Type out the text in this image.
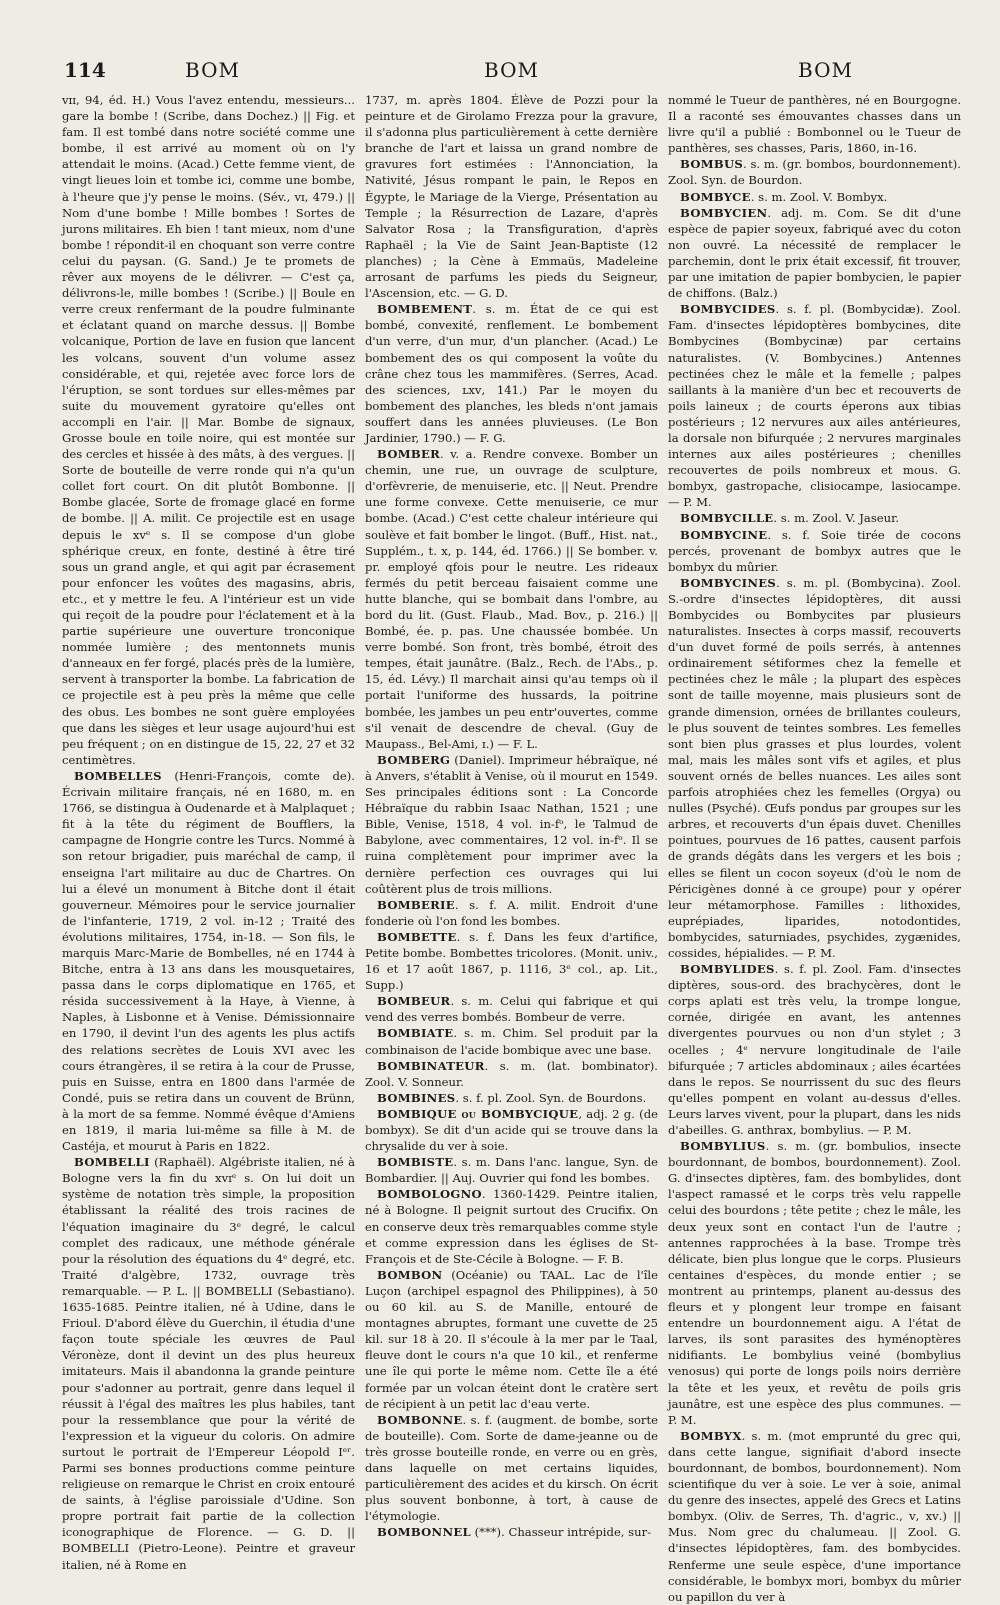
114	BOM	BOM	BOM

vɪɪ, 94, éd. H.) Vous l'avez entendu, messieurs... gare la bombe ! (Scribe, dans Dochez.) || Fig. et fam. Il est tombé dans notre société comme une bombe, il est arrivé au moment où on l'y attendait le moins. (Acad.) Cette femme vient, de vingt lieues loin et tombe ici, comme une bombe, à l'heure que j'y pense le moins. (Sév., ᴠɪ, 479.) || Nom d'une bombe ! Mille bombes ! Sortes de jurons militaires. Eh bien ! tant mieux, nom d'une bombe ! répondit-il en choquant son verre contre celui du paysan. (G. Sand.) Je te promets de rêver aux moyens de le délivrer. — C'est ça, délivrons-le, mille bombes ! (Scribe.) || Boule en verre creux renfermant de la poudre fulminante et éclatant quand on marche dessus. || Bombe volcanique, Portion de lave en fusion que lancent les volcans, souvent d'un volume assez considérable, et qui, rejetée avec force lors de l'éruption, se sont tordues sur elles-mêmes par suite du mouvement gyratoire qu'elles ont accompli en l'air. || Mar. Bombe de signaux, Grosse boule en toile noire, qui est montée sur des cercles et hissée à des mâts, à des vergues. || Sorte de bouteille de verre ronde qui n'a qu'un collet fort court. On dit plutôt Bombonne. || Bombe glacée, Sorte de fromage glacé en forme de bombe. || A. milit. Ce projectile est en usage depuis le xvᵉ s. Il se compose d'un globe sphérique creux, en fonte, destiné à être tiré sous un grand angle, et qui agit par écrasement pour enfoncer les voûtes des magasins, abris, etc., et y mettre le feu. A l'intérieur est un vide qui reçoit de la poudre pour l'éclatement et à la partie supérieure une ouverture tronconique nommée lumière ; des mentonnets munis d'anneaux en fer forgé, placés près de la lumière, servent à transporter la bombe. La fabrication de ce projectile est à peu près la même que celle des obus. Les bombes ne sont guère employées que dans les sièges et leur usage aujourd'hui est peu fréquent ; on en distingue de 15, 22, 27 et 32 centimètres.

BOMBELLES (Henri-François, comte de). Écrivain militaire français, né en 1680, m. en 1766, se distingua à Oudenarde et à Malplaquet ; fit à la tête du régiment de Boufflers, la campagne de Hongrie contre les Turcs. Nommé à son retour brigadier, puis maréchal de camp, il enseigna l'art militaire au duc de Chartres. On lui a élevé un monument à Bitche dont il était gouverneur. Mémoires pour le service journalier de l'infanterie, 1719, 2 vol. in-12 ; Traité des évolutions militaires, 1754, in-18. — Son fils, le marquis Marc-Marie de Bombelles, né en 1744 à Bitche, entra à 13 ans dans les mousquetaires, passa dans le corps diplomatique en 1765, et résida successivement à la Haye, à Vienne, à Naples, à Lisbonne et à Venise. Démissionnaire en 1790, il devint l'un des agents les plus actifs des relations secrètes de Louis XVI avec les cours étrangères, il se retira à la cour de Prusse, puis en Suisse, entra en 1800 dans l'armée de Condé, puis se retira dans un couvent de Brünn, à la mort de sa femme. Nommé évêque d'Amiens en 1819, il maria lui-même sa fille à M. de Castéja, et mourut à Paris en 1822.

BOMBELLI (Raphaël). Algébriste italien, né à Bologne vers la fin du xvɪᵉ s. On lui doit un système de notation très simple, la proposition établissant la réalité des trois racines de l'équation imaginaire du 3ᵉ degré, le calcul complet des radicaux, une méthode générale pour la résolution des équations du 4ᵉ degré, etc. Traité d'algèbre, 1732, ouvrage très remarquable. — P. L. || BOMBELLI (Sebastiano). 1635-1685. Peintre italien, né à Udine, dans le Frioul. D'abord élève du Guerchin, il étudia d'une façon toute spéciale les œuvres de Paul Véronèze, dont il devint un des plus heureux imitateurs. Mais il abandonna la grande peinture pour s'adonner au portrait, genre dans lequel il réussit à l'égal des maîtres les plus habiles, tant pour la ressemblance que pour la vérité de l'expression et la vigueur du coloris. On admire surtout le portrait de l'Empereur Léopold Iᵉʳ. Parmi ses bonnes productions comme peinture religieuse on remarque le Christ en croix entouré de saints, à l'église paroissiale d'Udine. Son propre portrait fait partie de la collection iconographique de Florence. — G. D. || BOMBELLI (Pietro-Leone). Peintre et graveur italien, né à Rome en

1737, m. après 1804. Élève de Pozzi pour la peinture et de Girolamo Frezza pour la gravure, il s'adonna plus particulièrement à cette dernière branche de l'art et laissa un grand nombre de gravures fort estimées : l'Annonciation, la Nativité, Jésus rompant le pain, le Repos en Égypte, le Mariage de la Vierge, Présentation au Temple ; la Résurrection de Lazare, d'après Salvator Rosa ; la Transfiguration, d'après Raphaël ; la Vie de Saint Jean-Baptiste (12 planches) ; la Cène à Emmaüs, Madeleine arrosant de parfums les pieds du Seigneur, l'Ascension, etc. — G. D.

BOMBEMENT. s. m. État de ce qui est bombé, convexité, renflement. Le bombement d'un verre, d'un mur, d'un plancher. (Acad.) Le bombement des os qui composent la voûte du crâne chez tous les mammifères. (Serres, Acad. des sciences, ʟxᴠ, 141.) Par le moyen du bombement des planches, les bleds n'ont jamais souffert dans les années pluvieuses. (Le Bon Jardinier, 1790.) — F. G.

BOMBER. v. a. Rendre convexe. Bomber un chemin, une rue, un ouvrage de sculpture, d'orfèvrerie, de menuiserie, etc. || Neut. Prendre une forme convexe. Cette menuiserie, ce mur bombe. (Acad.) C'est cette chaleur intérieure qui soulève et fait bomber le lingot. (Buff., Hist. nat., Supplém., t. x, p. 144, éd. 1766.) || Se bomber. v. pr. employé qfois pour le neutre. Les rideaux fermés du petit berceau faisaient comme une hutte blanche, qui se bombait dans l'ombre, au bord du lit. (Gust. Flaub., Mad. Bov., p. 216.) || Bombé, ée. p. pas. Une chaussée bombée. Un verre bombé. Son front, très bombé, étroit des tempes, était jaunâtre. (Balz., Rech. de l'Abs., p. 15, éd. Lévy.) Il marchait ainsi qu'au temps où il portait l'uniforme des hussards, la poitrine bombée, les jambes un peu entr'ouvertes, comme s'il venait de descendre de cheval. (Guy de Maupass., Bel-Ami, ɪ.) — F. L.

BOMBERG (Daniel). Imprimeur hébraïque, né à Anvers, s'établit à Venise, où il mourut en 1549. Ses principales éditions sont : La Concorde Hébraïque du rabbin Isaac Nathan, 1521 ; une Bible, Venise, 1518, 4 vol. in-fᵒ, le Talmud de Babylone, avec commentaires, 12 vol. in-fᵒ. Il se ruina complètement pour imprimer avec la dernière perfection ces ouvrages qui lui coûtèrent plus de trois millions.

BOMBERIE. s. f. A. milit. Endroit d'une fonderie où l'on fond les bombes.

BOMBETTE. s. f. Dans les feux d'artifice, Petite bombe. Bombettes tricolores. (Monit. univ., 16 et 17 août 1867, p. 1116, 3ᵉ col., ap. Lit., Supp.)

BOMBEUR. s. m. Celui qui fabrique et qui vend des verres bombés. Bombeur de verre.

BOMBIATE. s. m. Chim. Sel produit par la combinaison de l'acide bombique avec une base.

BOMBINATEUR. s. m. (lat. bombinator). Zool. V. Sonneur.

BOMBINES. s. f. pl. Zool. Syn. de Bourdons.

BOMBIQUE ou BOMBYCIQUE, adj. 2 g. (de bombyx). Se dit d'un acide qui se trouve dans la chrysalide du ver à soie.

BOMBISTE. s. m. Dans l'anc. langue, Syn. de Bombardier. || Auj. Ouvrier qui fond les bombes.

BOMBOLOGNO. 1360-1429. Peintre italien, né à Bologne. Il peignit surtout des Crucifix. On en conserve deux très remarquables comme style et comme expression dans les églises de St-François et de Ste-Cécile à Bologne. — F. B.

BOMBON (Océanie) ou TAAL. Lac de l'île Luçon (archipel espagnol des Philippines), à 50 ou 60 kil. au S. de Manille, entouré de montagnes abruptes, formant une cuvette de 25 kil. sur 18 à 20. Il s'écoule à la mer par le Taal, fleuve dont le cours n'a que 10 kil., et renferme une île qui porte le même nom. Cette île a été formée par un volcan éteint dont le cratère sert de récipient à un petit lac d'eau verte.

BOMBONNE. s. f. (augment. de bombe, sorte de bouteille). Com. Sorte de dame-jeanne ou de très grosse bouteille ronde, en verre ou en grès, dans laquelle on met certains liquides, particulièrement des acides et du kirsch. On écrit plus souvent bonbonne, à tort, à cause de l'étymologie.

BOMBONNEL (***). Chasseur intrépide, sur-

nommé le Tueur de panthères, né en Bourgogne. Il a raconté ses émouvantes chasses dans un livre qu'il a publié : Bombonnel ou le Tueur de panthères, ses chasses, Paris, 1860, in-16.

BOMBUS. s. m. (gr. bombos, bourdonnement). Zool. Syn. de Bourdon.

BOMBYCE. s. m. Zool. V. Bombyx.

BOMBYCIEN. adj. m. Com. Se dit d'une espèce de papier soyeux, fabriqué avec du coton non ouvré. La nécessité de remplacer le parchemin, dont le prix était excessif, fit trouver, par une imitation de papier bombycien, le papier de chiffons. (Balz.)

BOMBYCIDES. s. f. pl. (Bombycidæ). Zool. Fam. d'insectes lépidoptères bombycines, dite Bombycines (Bombycinæ) par certains naturalistes. (V. Bombycines.) Antennes pectinées chez le mâle et la femelle ; palpes saillants à la manière d'un bec et recouverts de poils laineux ; de courts éperons aux tibias postérieurs ; 12 nervures aux ailes antérieures, la dorsale non bifurquée ; 2 nervures marginales internes aux ailes postérieures ; chenilles recouvertes de poils nombreux et mous. G. bombyx, gastropache, clisiocampe, lasiocampe. — P. M.

BOMBYCILLE. s. m. Zool. V. Jaseur.

BOMBYCINE. s. f. Soie tirée de cocons percés, provenant de bombyx autres que le bombyx du mûrier.

BOMBYCINES. s. m. pl. (Bombycina). Zool. S.-ordre d'insectes lépidoptères, dit aussi Bombycides ou Bombycites par plusieurs naturalistes. Insectes à corps massif, recouverts d'un duvet formé de poils serrés, à antennes ordinairement sétiformes chez la femelle et pectinées chez le mâle ; la plupart des espèces sont de taille moyenne, mais plusieurs sont de grande dimension, ornées de brillantes couleurs, le plus souvent de teintes sombres. Les femelles sont bien plus grasses et plus lourdes, volent mal, mais les mâles sont vifs et agiles, et plus souvent ornés de belles nuances. Les ailes sont parfois atrophiées chez les femelles (Orgya) ou nulles (Psyché). Œufs pondus par groupes sur les arbres, et recouverts d'un épais duvet. Chenilles pointues, pourvues de 16 pattes, causent parfois de grands dégâts dans les vergers et les bois ; elles se filent un cocon soyeux (d'où le nom de Péricigènes donné à ce groupe) pour y opérer leur métamorphose. Familles : lithoxides, euprépiades, liparides, notodontides, bombycides, saturniades, psychides, zygænides, cossides, hépialides. — P. M.

BOMBYLIDES. s. f. pl. Zool. Fam. d'insectes diptères, sous-ord. des brachycères, dont le corps aplati est très velu, la trompe longue, cornée, dirigée en avant, les antennes divergentes pourvues ou non d'un stylet ; 3 ocelles ; 4ᵉ nervure longitudinale de l'aile bifurquée ; 7 articles abdominaux ; ailes écartées dans le repos. Se nourrissent du suc des fleurs qu'elles pompent en volant au-dessus d'elles. Leurs larves vivent, pour la plupart, dans les nids d'abeilles. G. anthrax, bombylius. — P. M.

BOMBYLIUS. s. m. (gr. bombulios, insecte bourdonnant, de bombos, bourdonnement). Zool. G. d'insectes diptères, fam. des bombylides, dont l'aspect ramassé et le corps très velu rappelle celui des bourdons ; tête petite ; chez le mâle, les deux yeux sont en contact l'un de l'autre ; antennes rapprochées à la base. Trompe très délicate, bien plus longue que le corps. Plusieurs centaines d'espèces, du monde entier ; se montrent au printemps, planent au-dessus des fleurs et y plongent leur trompe en faisant entendre un bourdonnement aigu. A l'état de larves, ils sont parasites des hyménoptères nidifiants. Le bombylius veiné (bombylius venosus) qui porte de longs poils noirs derrière la tête et les yeux, et revêtu de poils gris jaunâtre, est une espèce des plus communes. — P. M.

BOMBYX. s. m. (mot emprunté du grec qui, dans cette langue, signifiait d'abord insecte bourdonnant, de bombos, bourdonnement). Nom scientifique du ver à soie. Le ver à soie, animal du genre des insectes, appelé des Grecs et Latins bombyx. (Oliv. de Serres, Th. d'agric., ᴠ, xᴠ.) || Mus. Nom grec du chalumeau. || Zool. G. d'insectes lépidoptères, fam. des bombycides. Renferme une seule espèce, d'une importance considérable, le bombyx mori, bombyx du mûrier ou papillon du ver à
